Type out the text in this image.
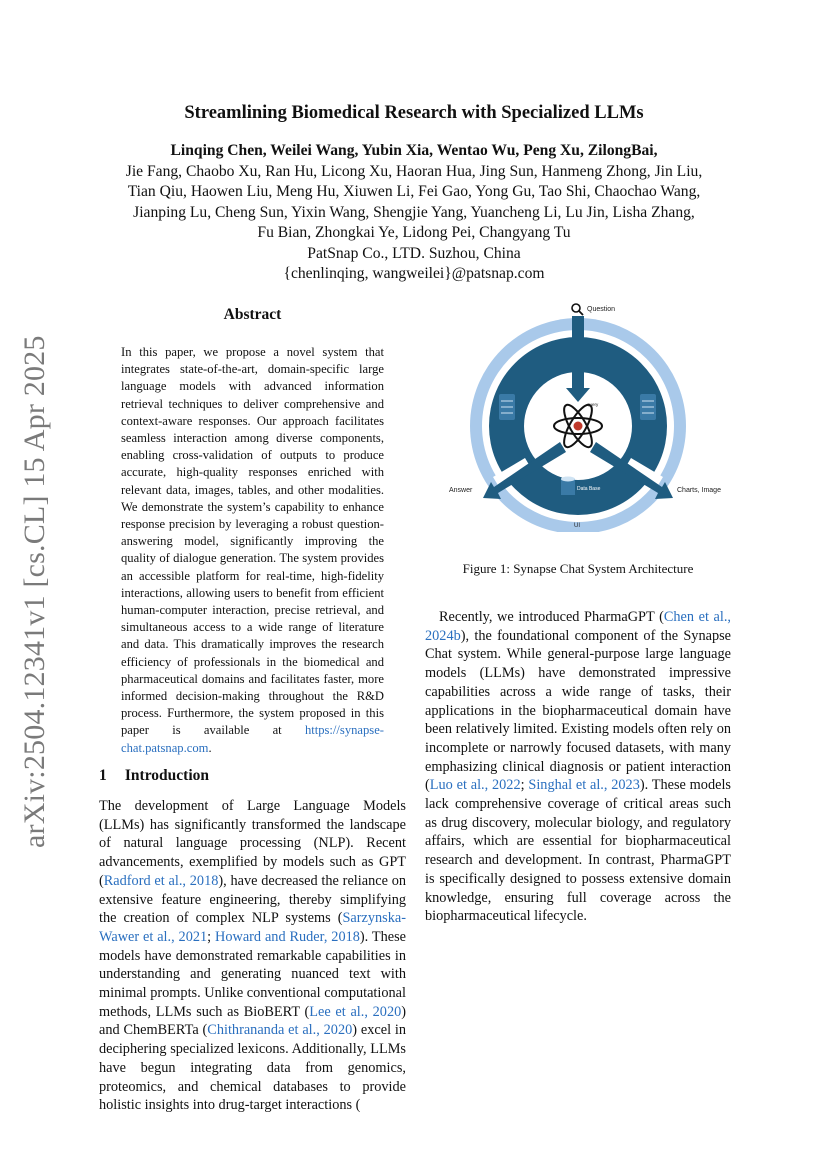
arXiv:2504.12341v1 [cs.CL] 15 Apr 2025
Streamlining Biomedical Research with Specialized LLMs
Linqing Chen, Weilei Wang, Yubin Xia, Wentao Wu, Peng Xu, ZilongBai,
Jie Fang, Chaobo Xu, Ran Hu, Licong Xu, Haoran Hua, Jing Sun, Hanmeng Zhong, Jin Liu,
Tian Qiu, Haowen Liu, Meng Hu, Xiuwen Li, Fei Gao, Yong Gu, Tao Shi, Chaochao Wang,
Jianping Lu, Cheng Sun, Yixin Wang, Shengjie Yang, Yuancheng Li, Lu Jin, Lisha Zhang,
Fu Bian, Zhongkai Ye, Lidong Pei, Changyang Tu
PatSnap Co., LTD. Suzhou, China
{chenlinqing, wangweilei}@patsnap.com
Abstract
In this paper, we propose a novel system that integrates state-of-the-art, domain-specific large language models with advanced information retrieval techniques to deliver comprehensive and context-aware responses. Our approach facilitates seamless interaction among diverse components, enabling cross-validation of outputs to produce accurate, high-quality responses enriched with relevant data, images, tables, and other modalities. We demonstrate the system’s capability to enhance response precision by leveraging a robust question-answering model, significantly improving the quality of dialogue generation. The system provides an accessible platform for real-time, high-fidelity interactions, allowing users to benefit from efficient human-computer interaction, precise retrieval, and simultaneous access to a wide range of literature and data. This dramatically improves the research efficiency of professionals in the biomedical and pharmaceutical domains and facilitates faster, more informed decision-making throughout the R&D process. Furthermore, the system proposed in this paper is available at https://synapse-chat.patsnap.com.
1 Introduction
The development of Large Language Models (LLMs) has significantly transformed the landscape of natural language processing (NLP). Recent advancements, exemplified by models such as GPT (Radford et al., 2018), have decreased the reliance on extensive feature engineering, thereby simplifying the creation of complex NLP systems (Sarzynska-Wawer et al., 2021; Howard and Ruder, 2018). These models have demonstrated remarkable capabilities in understanding and generating nuanced text with minimal prompts. Unlike conventional computational methods, LLMs such as BioBERT (Lee et al., 2020) and ChemBERTa (Chithrananda et al., 2020) excel in deciphering specialized lexicons. Additionally, LLMs have begun integrating data from genomics, proteomics, and chemical databases to provide holistic insights into drug-target interactions (
Question
Data Base
query
Answer	Charts, Image
UI
Figure 1: Synapse Chat System Architecture

Recently, we introduced PharmaGPT (Chen et al., 2024b), the foundational component of the Synapse Chat system. While general-purpose large language models (LLMs) have demonstrated impressive capabilities across a wide range of tasks, their applications in the biopharmaceutical domain have been relatively limited. Existing models often rely on incomplete or narrowly focused datasets, with many emphasizing clinical diagnosis or patient interaction (Luo et al., 2022; Singhal et al., 2023). These models lack comprehensive coverage of critical areas such as drug discovery, molecular biology, and regulatory affairs, which are essential for biopharmaceutical research and development. In contrast, PharmaGPT is specifically designed to possess extensive domain knowledge, ensuring full coverage across the biopharmaceutical lifecycle.
